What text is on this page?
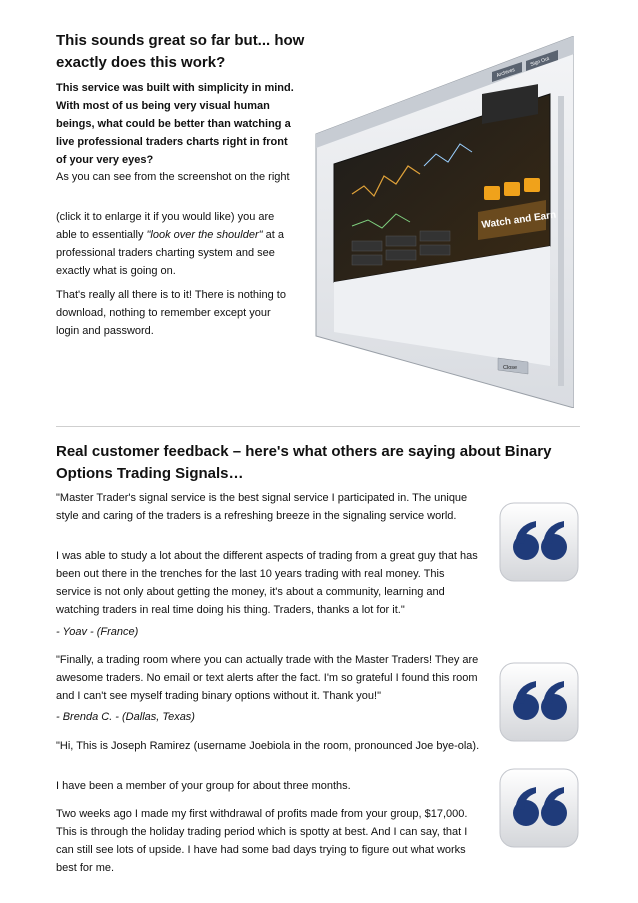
This sounds great so far but... how exactly does this work?
This service was built with simplicity in mind. With most of us being very visual human beings, what could be better than watching a live professional traders charts right in front of your very eyes?

As you can see from the screenshot on the right

(click it to enlarge it if you would like) you are able to essentially "look over the shoulder" at a professional traders charting system and see exactly what is going on.

That's really all there is to it! There is nothing to download, nothing to remember except your login and password.

Archives
Sign Out
Watch and Earn
Close
Real customer feedback – here's what others are saying about Binary Options Trading Signals…

"Master Trader's signal service is the best signal service I participated in. The unique style and caring of the traders is a refreshing breeze in the signaling service world.

I was able to study a lot about the different aspects of trading from a great guy that has been out there in the trenches for the last 10 years trading with real money. This service is not only about getting the money, it's about a community, learning and watching traders in real time doing his thing. Traders, thanks a lot for it."

- Yoav - (France)

"Finally, a trading room where you can actually trade with the Master Traders! They are awesome traders. No email or text alerts after the fact. I'm so grateful I found this room and I can't see myself trading binary options without it. Thank you!"

- Brenda C. - (Dallas, Texas)

"Hi, This is Joseph Ramirez (username Joebiola in the room, pronounced Joe bye-ola).

I have been a member of your group for about three months.

Two weeks ago I made my first withdrawal of profits made from your group, $17,000. This is through the holiday trading period which is spotty at best. And I can say, that I can still see lots of upside. I have had some bad days trying to figure out what works best for me.
